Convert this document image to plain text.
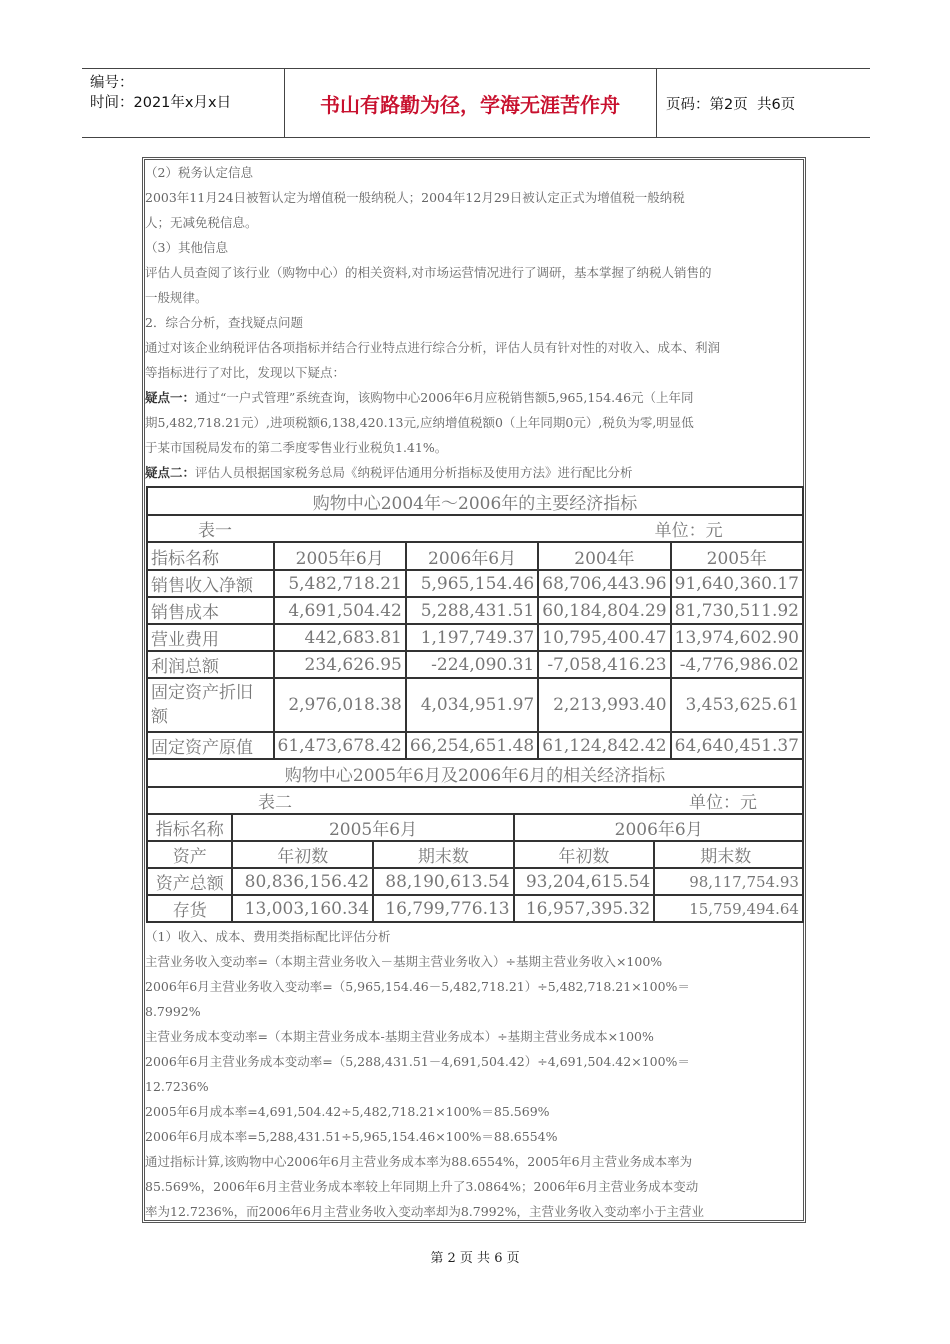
编号：
时间：2021年x月x日	书山有路勤为径，学海无涯苦作舟	页码：第2页  共6页
（2）税务认定信息
2003年11月24日被暂认定为增值税一般纳税人；2004年12月29日被认定正式为增值税一般纳税
人；无减免税信息。
（3）其他信息
评估人员查阅了该行业（购物中心）的相关资料,对市场运营情况进行了调研，基本掌握了纳税人销售的
一般规律。
2．综合分析，查找疑点问题
通过对该企业纳税评估各项指标并结合行业特点进行综合分析，评估人员有针对性的对收入、成本、利润
等指标进行了对比，发现以下疑点：
疑点一：通过“一户式管理”系统查询，该购物中心2006年6月应税销售额5,965,154.46元（上年同
期5,482,718.21元）,进项税额6,138,420.13元,应纳增值税额0（上年同期0元）,税负为零,明显低
于某市国税局发布的第二季度零售业行业税负1.41%。
疑点二：评估人员根据国家税务总局《纳税评估通用分析指标及使用方法》进行配比分析
购物中心2004年～2006年的主要经济指标				
表一			单位：元	
指标名称	2005年6月	2006年6月	2004年	2005年
销售收入净额	5,482,718.21	5,965,154.46	68,706,443.96	91,640,360.17
销售成本	4,691,504.42	5,288,431.51	60,184,804.29	81,730,511.92
营业费用	442,683.81	1,197,749.37	10,795,400.47	13,974,602.90
利润总额	234,626.95	-224,090.31	-7,058,416.23	-4,776,986.02
固定资产折旧额	2,976,018.38	4,034,951.97	2,213,993.40	3,453,625.61
固定资产原值	61,473,678.42	66,254,651.48	61,124,842.42	64,640,451.37
购物中心2005年6月及2006年6月的相关经济指标				
表二		单位：元		
指标名称	2005年6月		2006年6月	
资产	年初数	期末数	年初数	期末数
资产总额	80,836,156.42	88,190,613.54	93,204,615.54	98,117,754.93
存货	13,003,160.34	16,799,776.13	16,957,395.32	15,759,494.64
（1）收入、成本、费用类指标配比评估分析
主营业务收入变动率=（本期主营业务收入－基期主营业务收入）÷基期主营业务收入×100%
2006年6月主营业务收入变动率=（5,965,154.46－5,482,718.21）÷5,482,718.21×100%＝
8.7992%
主营业务成本变动率=（本期主营业务成本-基期主营业务成本）÷基期主营业务成本×100%
2006年6月主营业务成本变动率=（5,288,431.51－4,691,504.42）÷4,691,504.42×100%＝
12.7236%
2005年6月成本率=4,691,504.42÷5,482,718.21×100%＝85.569%
2006年6月成本率=5,288,431.51÷5,965,154.46×100%＝88.6554%
通过指标计算,该购物中心2006年6月主营业务成本率为88.6554%，2005年6月主营业务成本率为
85.569%，2006年6月主营业务成本率较上年同期上升了3.0864%；2006年6月主营业务成本变动
率为12.7236%，而2006年6月主营业务收入变动率却为8.7992%，主营业务收入变动率小于主营业
第 2 页 共 6 页
